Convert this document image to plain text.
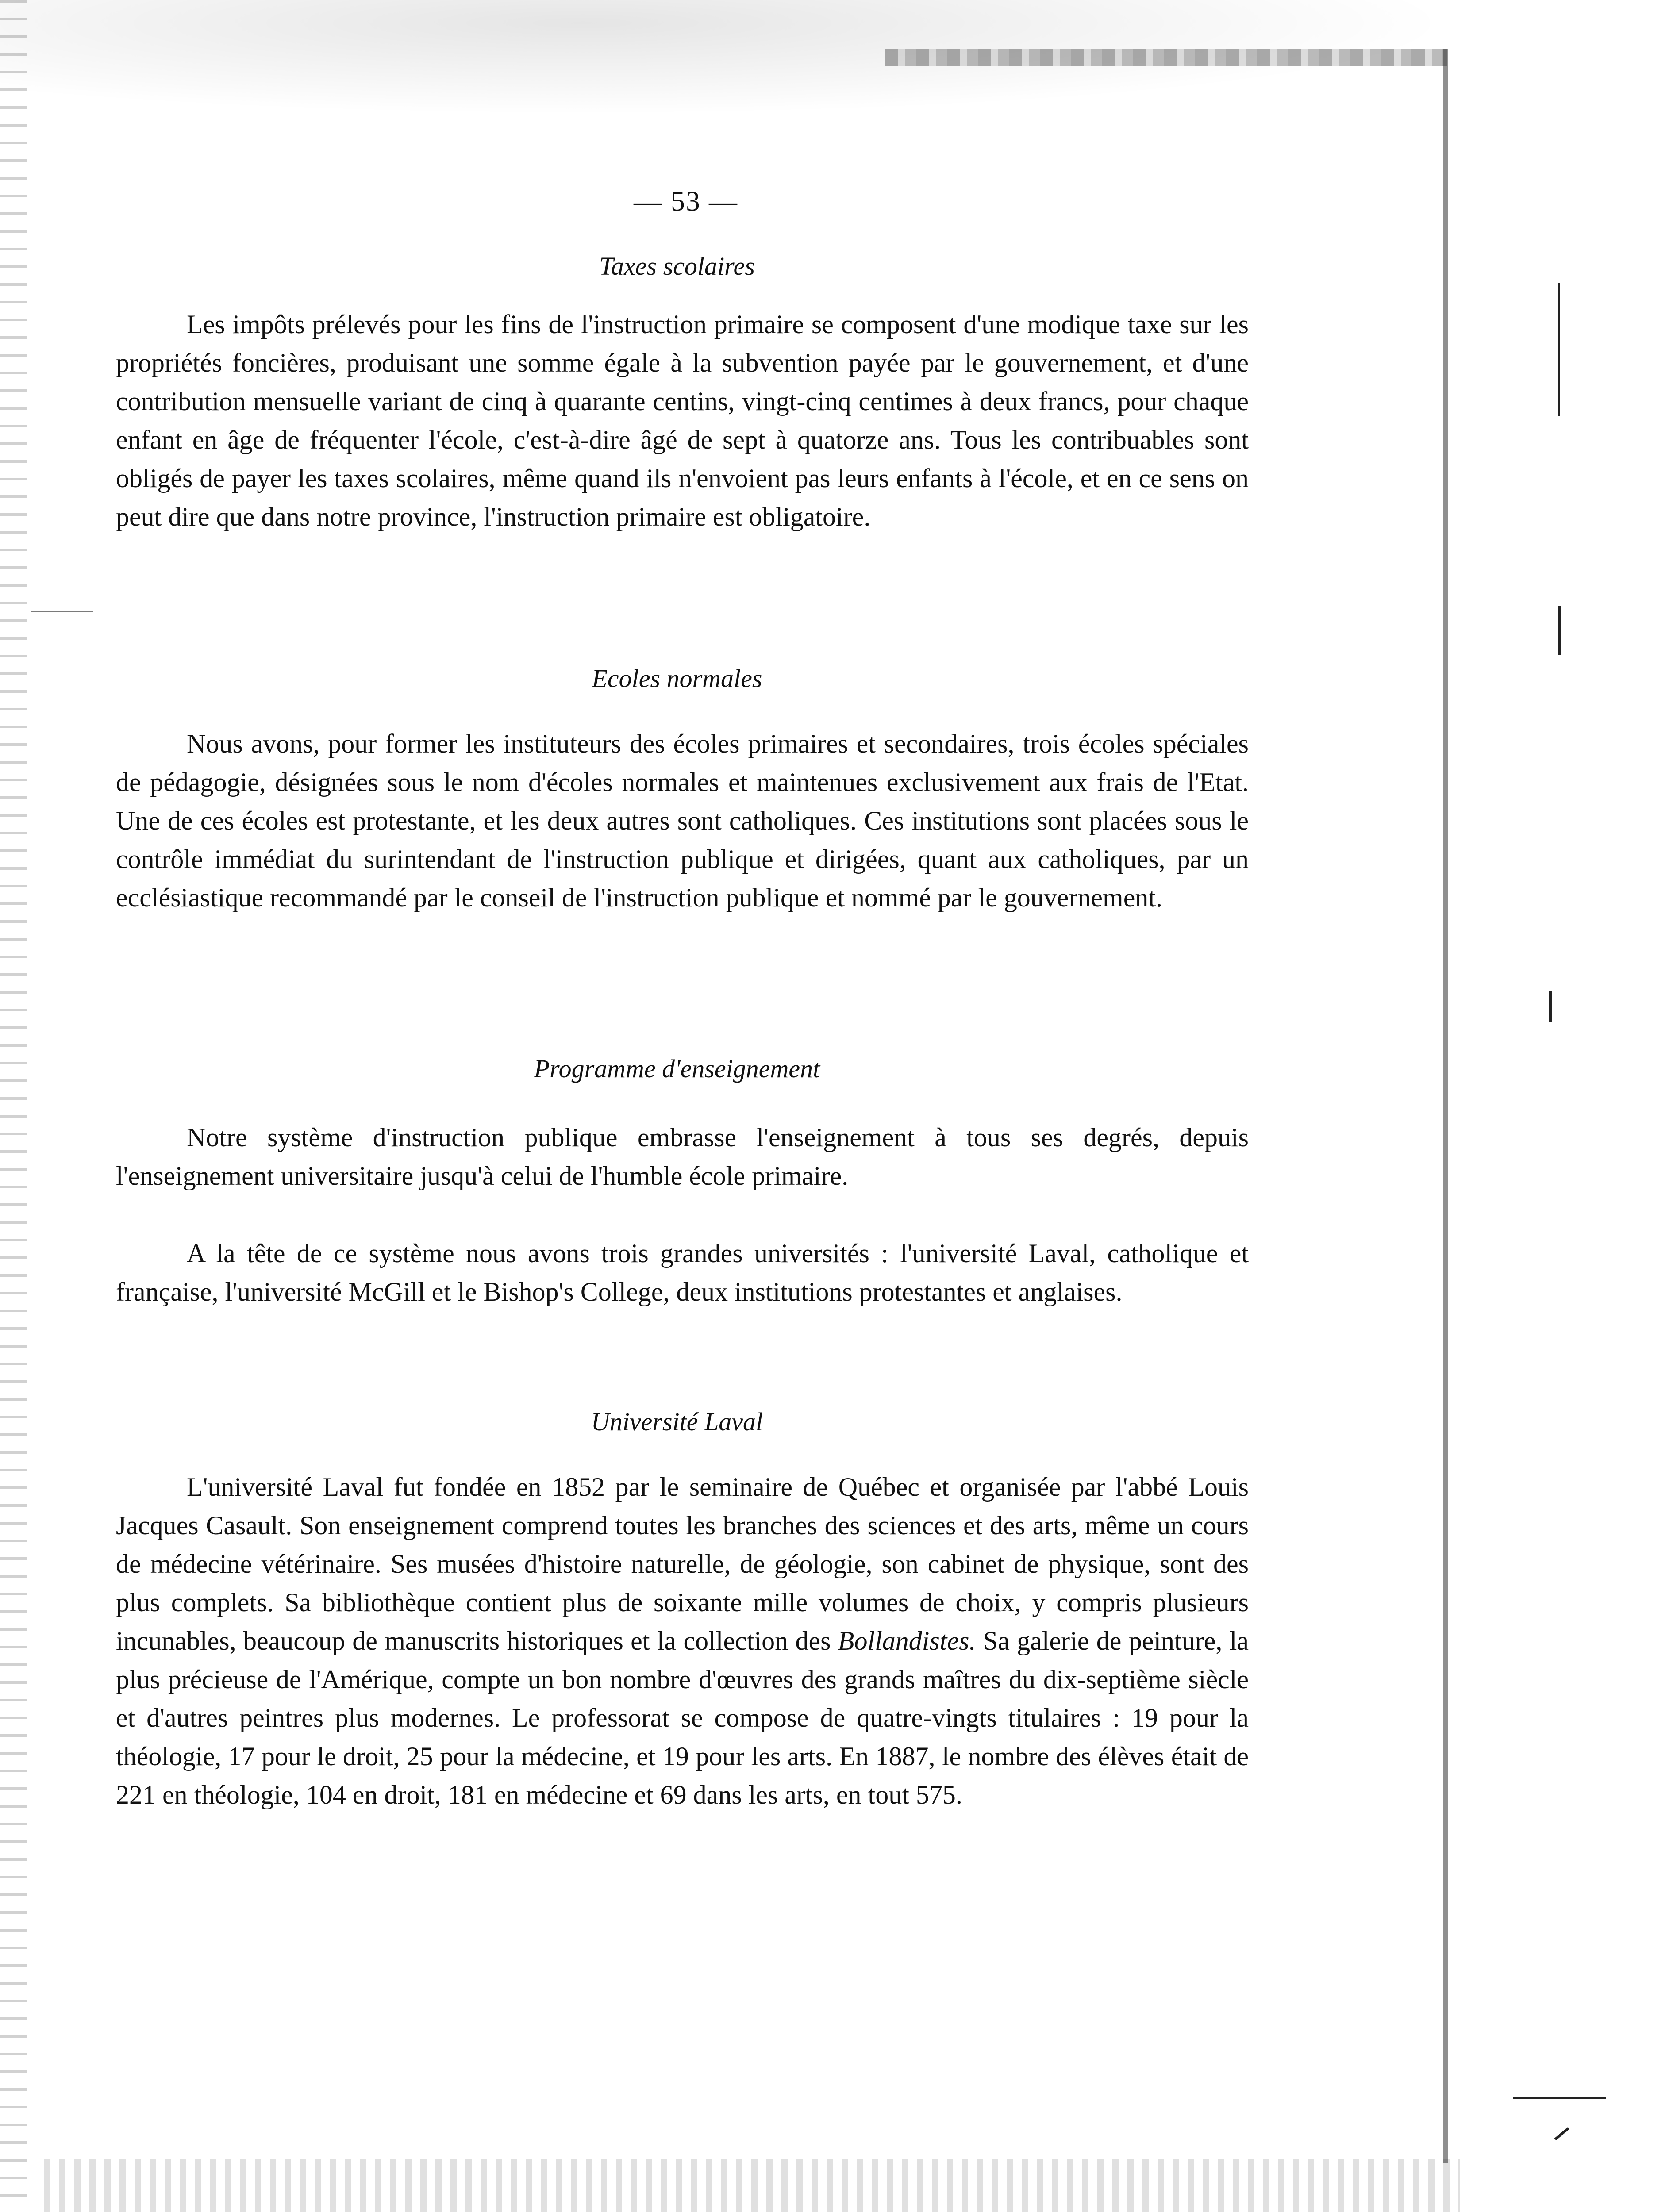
— 53 —
Taxes scolaires

Les impôts prélevés pour les fins de l'instruction primaire se composent d'une modique taxe sur les propriétés foncières, produisant une somme égale à la subvention payée par le gouvernement, et d'une contribution mensuelle variant de cinq à quarante centins, vingt-cinq centimes à deux francs, pour chaque enfant en âge de fréquenter l'école, c'est-à-dire âgé de sept à quatorze ans. Tous les contribuables sont obligés de payer les taxes scolaires, même quand ils n'envoient pas leurs enfants à l'école, et en ce sens on peut dire que dans notre province, l'instruction primaire est obligatoire.

Ecoles normales

Nous avons, pour former les instituteurs des écoles primaires et secondaires, trois écoles spéciales de pédagogie, désignées sous le nom d'écoles normales et maintenues exclusivement aux frais de l'Etat. Une de ces écoles est protestante, et les deux autres sont catholiques. Ces institutions sont placées sous le contrôle immédiat du surintendant de l'instruction publique et dirigées, quant aux catholiques, par un ecclésiastique recommandé par le conseil de l'instruction publique et nommé par le gouvernement.

Programme d'enseignement

Notre système d'instruction publique embrasse l'enseignement à tous ses degrés, depuis l'enseignement universitaire jusqu'à celui de l'humble école primaire.

A la tête de ce système nous avons trois grandes universités : l'université Laval, catholique et française, l'université McGill et le Bishop's College, deux institutions protestantes et anglaises.

Université Laval

L'université Laval fut fondée en 1852 par le seminaire de Québec et organisée par l'abbé Louis Jacques Casault. Son enseignement comprend toutes les branches des sciences et des arts, même un cours de médecine vétérinaire. Ses musées d'histoire naturelle, de géologie, son cabinet de physique, sont des plus complets. Sa bibliothèque contient plus de soixante mille volumes de choix, y compris plusieurs incunables, beaucoup de manuscrits historiques et la collection des Bollandistes. Sa galerie de peinture, la plus précieuse de l'Amérique, compte un bon nombre d'œuvres des grands maîtres du dix-septième siècle et d'autres peintres plus modernes. Le professorat se compose de quatre-vingts titulaires : 19 pour la théologie, 17 pour le droit, 25 pour la médecine, et 19 pour les arts. En 1887, le nombre des élèves était de 221 en théologie, 104 en droit, 181 en médecine et 69 dans les arts, en tout 575.
